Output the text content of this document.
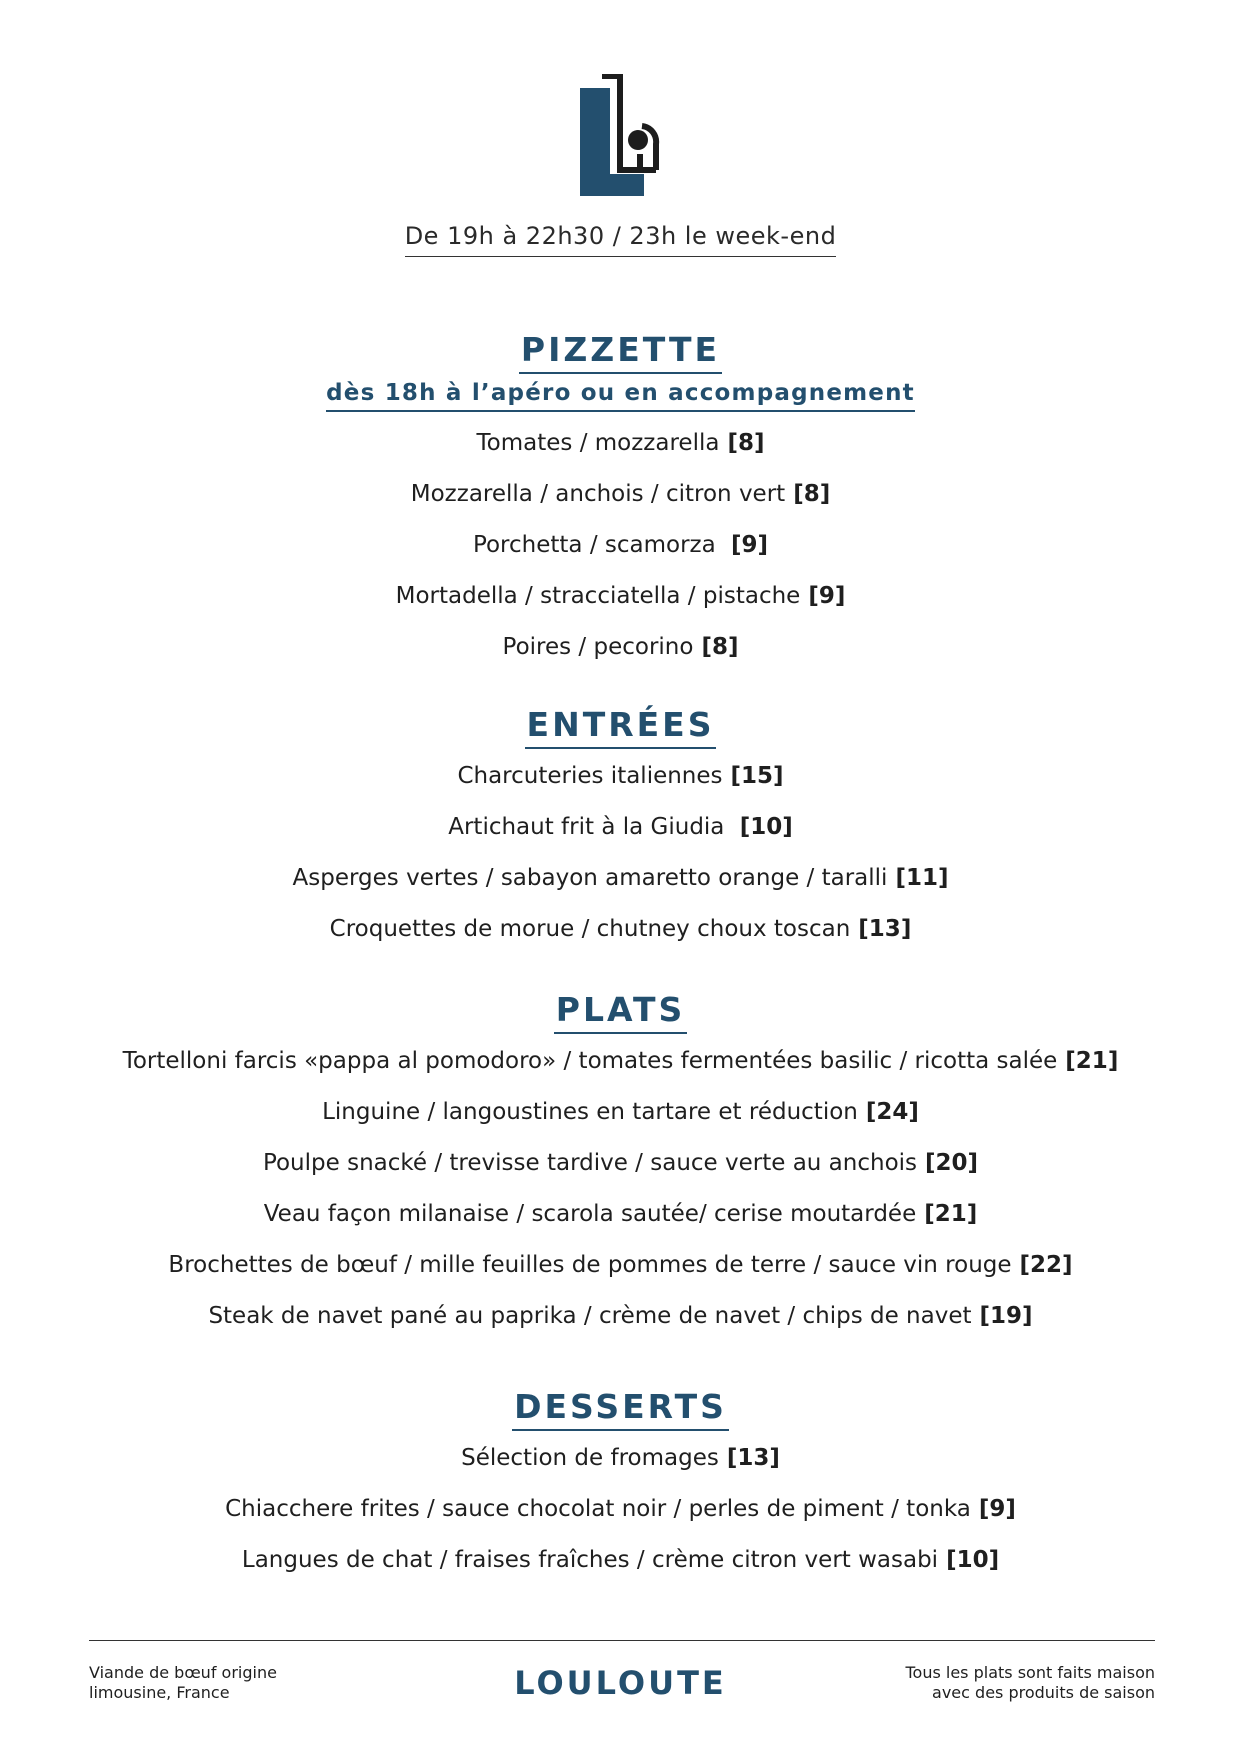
De 19h à 22h30 / 23h le week-end
PIZZETTE
dès 18h à l’apéro ou en accompagnement
Tomates / mozzarella [8]
Mozzarella / anchois / citron vert [8]
Porchetta / scamorza [9]
Mortadella / stracciatella / pistache [9]
Poires / pecorino [8]
ENTRÉES
Charcuteries italiennes [15]
Artichaut frit à la Giudia [10]
Asperges vertes / sabayon amaretto orange / taralli [11]
Croquettes de morue / chutney choux toscan [13]
PLATS
Tortelloni farcis «pappa al pomodoro» / tomates fermentées basilic / ricotta salée [21]
Linguine / langoustines en tartare et réduction [24]
Poulpe snacké / trevisse tardive / sauce verte au anchois [20]
Veau façon milanaise / scarola sautée/ cerise moutardée [21]
Brochettes de bœuf / mille feuilles de pommes de terre / sauce vin rouge [22]
Steak de navet pané au paprika / crème de navet / chips de navet [19]
DESSERTS
Sélection de fromages [13]
Chiacchere frites / sauce chocolat noir / perles de piment / tonka [9]
Langues de chat / fraises fraîches / crème citron vert wasabi [10]
Viande de bœuf origine
limousine, France	LOULOUTE	Tous les plats sont faits maison
avec des produits de saison
